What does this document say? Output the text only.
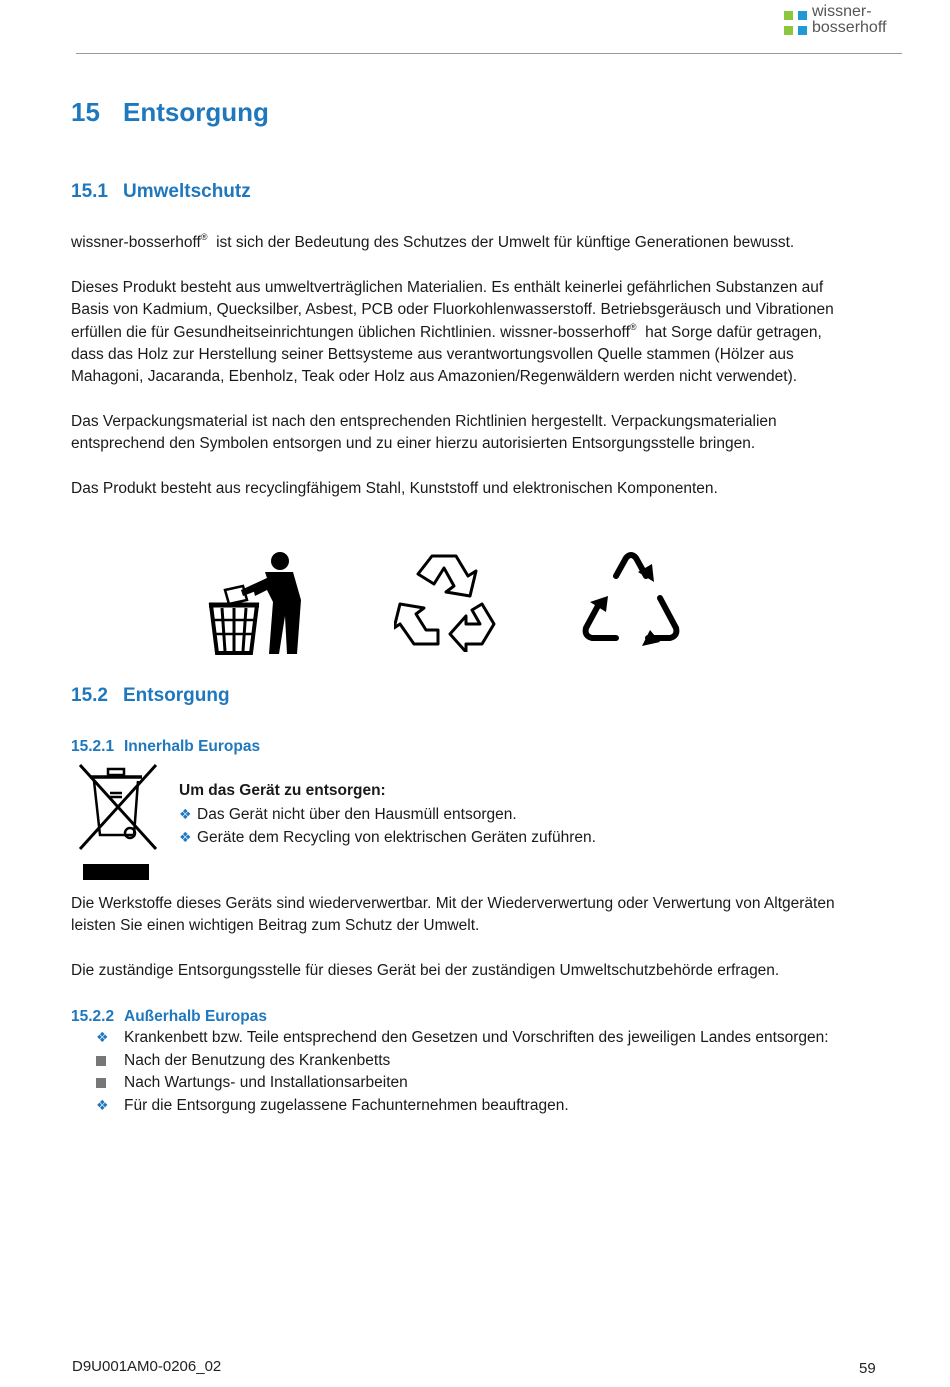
wissner-
bosserhoff
15 Entsorgung
15.1 Umweltschutz
wissner-bosserhoff® ist sich der Bedeutung des Schutzes der Umwelt für künftige Generationen bewusst.
Dieses Produkt besteht aus umweltverträglichen Materialien. Es enthält keinerlei gefährlichen Substanzen auf
Basis von Kadmium, Quecksilber, Asbest, PCB oder Fluorkohlenwasserstoff. Betriebsgeräusch und Vibrationen
erfüllen die für Gesundheitseinrichtungen üblichen Richtlinien. wissner-bosserhoff® hat Sorge dafür getragen,
dass das Holz zur Herstellung seiner Bettsysteme aus verantwortungsvollen Quelle stammen (Hölzer aus
Mahagoni, Jacaranda, Ebenholz, Teak oder Holz aus Amazonien/Regenwäldern werden nicht verwendet).
Das Verpackungsmaterial ist nach den entsprechenden Richtlinien hergestellt. Verpackungsmaterialien
entsprechend den Symbolen entsorgen und zu einer hierzu autorisierten Entsorgungsstelle bringen.
Das Produkt besteht aus recyclingfähigem Stahl, Kunststoff und elektronischen Komponenten.
15.2 Entsorgung
15.2.1 Innerhalb Europas
Um das Gerät zu entsorgen:
❖ Das Gerät nicht über den Hausmüll entsorgen.
❖ Geräte dem Recycling von elektrischen Geräten zuführen.
Die Werkstoffe dieses Geräts sind wiederverwertbar. Mit der Wiederverwertung oder Verwertung von Altgeräten
leisten Sie einen wichtigen Beitrag zum Schutz der Umwelt.
Die zuständige Entsorgungsstelle für dieses Gerät bei der zuständigen Umweltschutzbehörde erfragen.
15.2.2 Außerhalb Europas
❖ Krankenbett bzw. Teile entsprechend den Gesetzen und Vorschriften des jeweiligen Landes entsorgen:
Nach der Benutzung des Krankenbetts
Nach Wartungs- und Installationsarbeiten
❖ Für die Entsorgung zugelassene Fachunternehmen beauftragen.
D9U001AM0-0206_02	59
